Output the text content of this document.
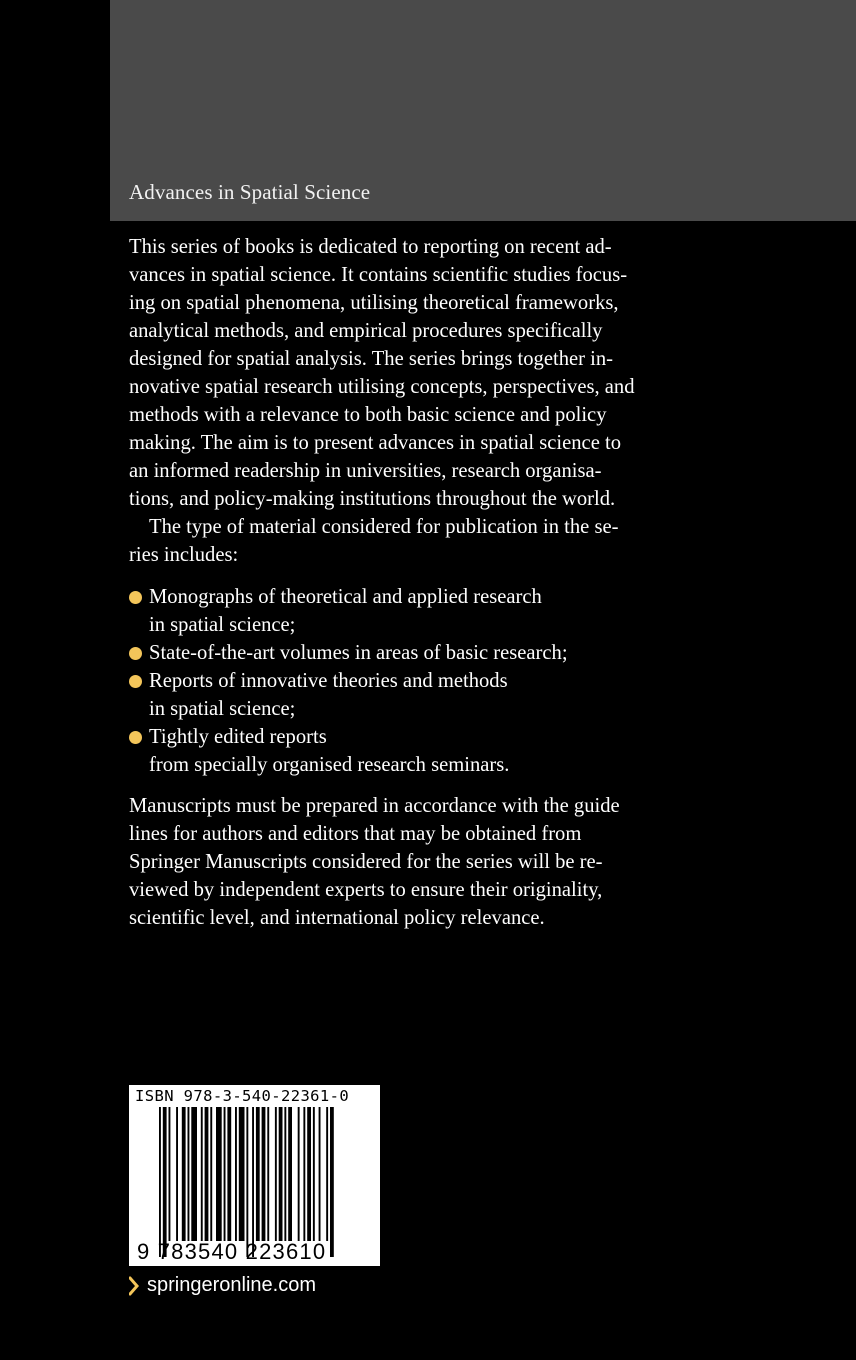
Advances in Spatial Science

This series of books is dedicated to reporting on recent ad-
vances in spatial science. It contains scientific studies focus-
ing on spatial phenomena, utilising theoretical frameworks,
analytical methods, and empirical procedures specifically
designed for spatial analysis. The series brings together in-
novative spatial research utilising concepts, perspectives, and
methods with a relevance to both basic science and policy
making. The aim is to present advances in spatial science to
an informed readership in universities, research organisa-
tions, and policy-making institutions throughout the world.

The type of material considered for publication in the se-
ries includes:

Monographs of theoretical and applied research
in spatial science;
State-of-the-art volumes in areas of basic research;
Reports of innovative theories and methods
in spatial science;
Tightly edited reports
from specially organised research seminars.

Manuscripts must be prepared in accordance with the guide
lines for authors and editors that may be obtained from
Springer Manuscripts considered for the series will be re-
viewed by independent experts to ensure their originality,
scientific level, and international policy relevance.

ISBN 978-3-540-22361-0
9 783540 223610
springeronline.com
